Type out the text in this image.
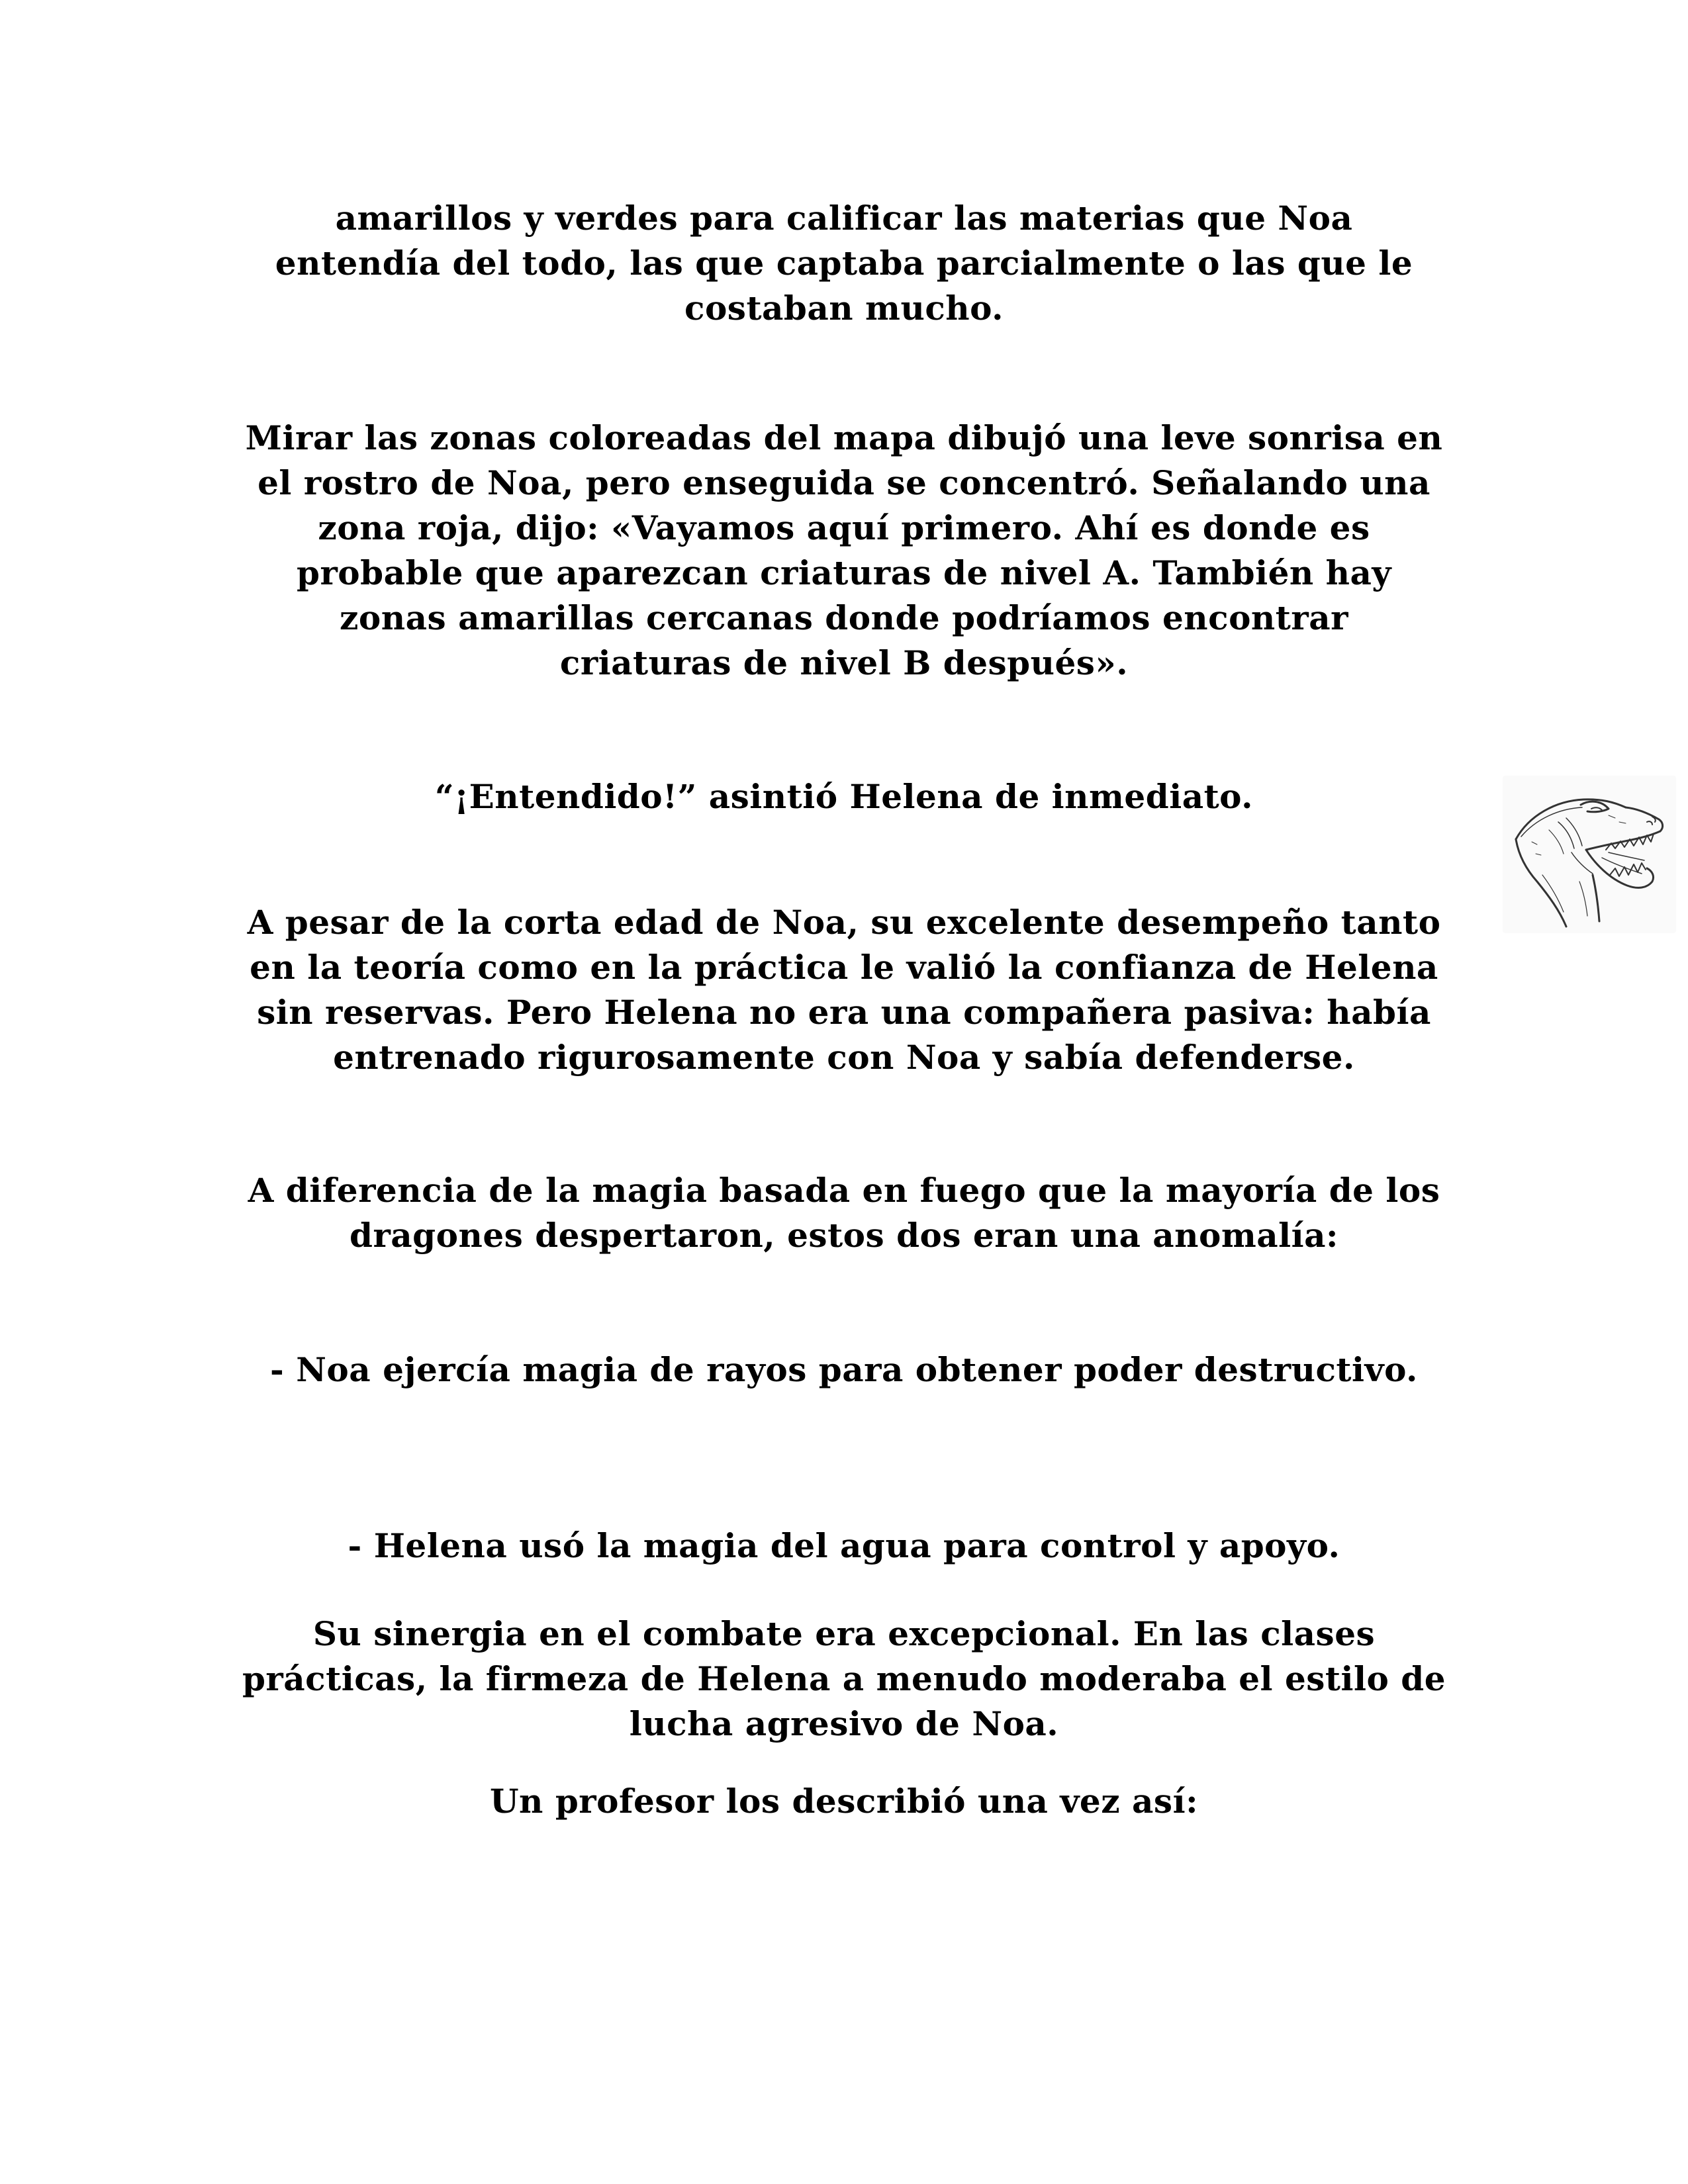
amarillos y verdes para calificar las materias que Noa
entendía del todo, las que captaba parcialmente o las que le
costaban mucho.

Mirar las zonas coloreadas del mapa dibujó una leve sonrisa en
el rostro de Noa, pero enseguida se concentró. Señalando una
zona roja, dijo: «Vayamos aquí primero. Ahí es donde es
probable que aparezcan criaturas de nivel A. También hay
zonas amarillas cercanas donde podríamos encontrar
criaturas de nivel B después».

“¡Entendido!” asintió Helena de inmediato.

A pesar de la corta edad de Noa, su excelente desempeño tanto
en la teoría como en la práctica le valió la confianza de Helena
sin reservas. Pero Helena no era una compañera pasiva: había
entrenado rigurosamente con Noa y sabía defenderse.

A diferencia de la magia basada en fuego que la mayoría de los
dragones despertaron, estos dos eran una anomalía:

- Noa ejercía magia de rayos para obtener poder destructivo.

- Helena usó la magia del agua para control y apoyo.

Su sinergia en el combate era excepcional. En las clases
prácticas, la firmeza de Helena a menudo moderaba el estilo de
lucha agresivo de Noa.

Un profesor los describió una vez así:
